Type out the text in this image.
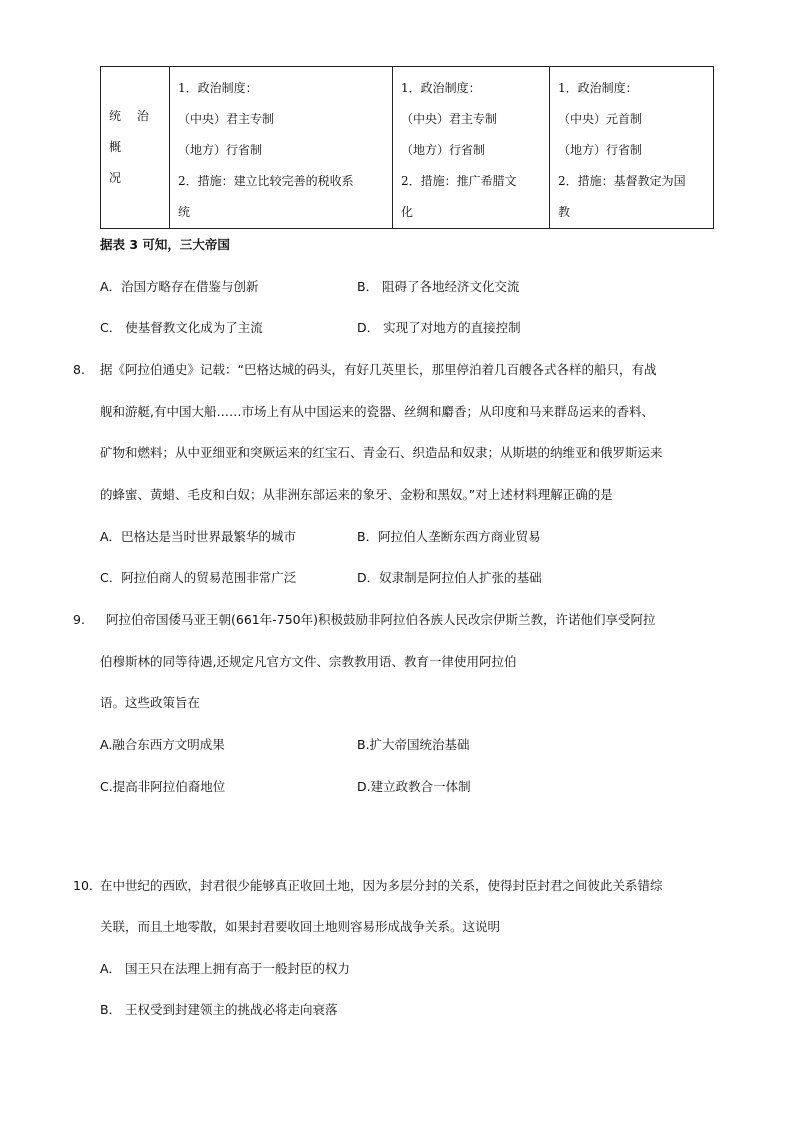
统 治 概
况

1．政治制度：
（中央）君主专制
（地方）行省制
2．措施：建立比较完善的税收系
统

1．政治制度：
（中央）君主专制
（地方）行省制
2．措施：推广希腊文
化

1．政治制度：
（中央）元首制
（地方）行省制
2．措施：基督教定为国
教
据表 3 可知，三大帝国
A．治国方略存在借鉴与创新	B． 阻碍了各地经济文化交流
C． 使基督教文化成为了主流	D． 实现了对地方的直接控制
8. 据《阿拉伯通史》记载：“巴格达城的码头，有好几英里长，那里停泊着几百艘各式各样的船只，有战
舰和游艇,有中国大船……市场上有从中国运来的瓷器、丝绸和麝香；从印度和马来群岛运来的香料、
矿物和燃料；从中亚细亚和突厥运来的红宝石、青金石、织造品和奴隶；从斯堪的纳维亚和俄罗斯运来
的蜂蜜、黄蜡、毛皮和白奴；从非洲东部运来的象牙、金粉和黑奴。”对上述材料理解正确的是
A．巴格达是当时世界最繁华的城市	B．阿拉伯人垄断东西方商业贸易
C．阿拉伯商人的贸易范围非常广泛	D．奴隶制是阿拉伯人扩张的基础
9. 阿拉伯帝国倭马亚王朝(661年-750年)积极鼓励非阿拉伯各族人民改宗伊斯兰教，许诺他们享受阿拉
伯穆斯林的同等待遇,还规定凡官方文件、宗教教用语、教育一律使用阿拉伯
语。这些政策旨在
A.融合东西方文明成果	B.扩大帝国统治基础
C.提高非阿拉伯裔地位	D.建立政教合一体制
10. 在中世纪的西欧，封君很少能够真正收回土地，因为多层分封的关系，使得封臣封君之间彼此关系错综
关联，而且土地零散，如果封君要收回土地则容易形成战争关系。这说明
A． 国王只在法理上拥有高于一般封臣的权力
B． 王权受到封建领主的挑战必将走向衰落
